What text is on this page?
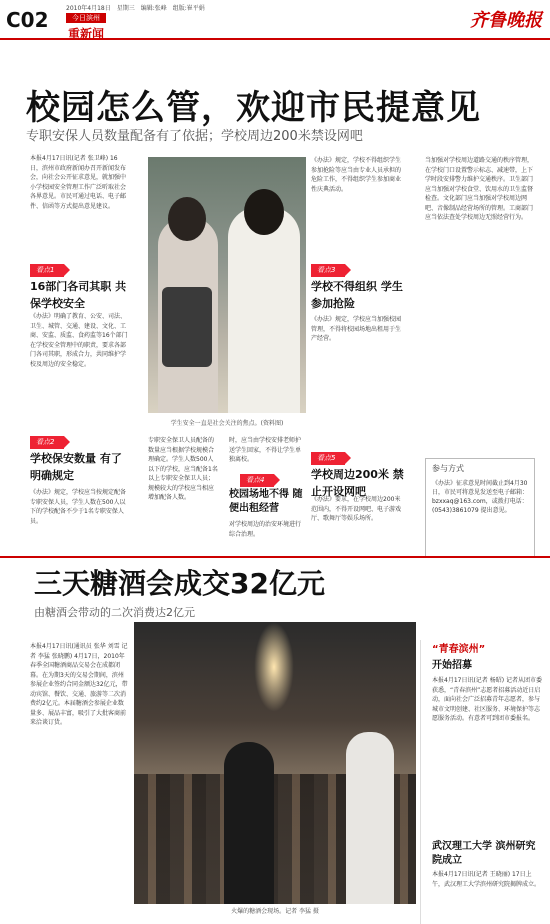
C02	2010年4月18日　星期三　编辑:张峰　组版:崔平娟
今日滨州
重新闻
齐鲁晚报
校园怎么管，欢迎市民提意见
专职安保人员数量配备有了依据；学校周边200米禁设网吧
本报4月17日讯(记者 张卫峰) 16日，滨州市政府新闻办召开新闻发布会，向社会公开征求意见，就加强中小学校园安全管理工作广泛听取社会各界意见。市民可通过电话、电子邮件、信函等方式提出意见建议。
看点1
16部门各司其职 共保学校安全
《办法》明确了教育、公安、司法、卫生、城管、交通、建设、文化、工商、安监、质监、食药监等16个部门在学校安全管理中的职责，要求各部门各司其职，形成合力，共同维护学校及周边的安全稳定。
看点2
学校保安数量 有了明确规定
《办法》规定，学校应当按规定配备专职安保人员，学生人数在500人以下的学校配备不少于1名专职安保人员。
学生安全一直是社会关注的焦点。(资料图)
专职安全保卫人员配备的数量应当根据学校规模合理确定。学生人数500人以下的学校，应当配备1名以上专职安全保卫人员；规模较大的学校应当相应增加配备人数。
时，应当由学校安排老师护送学生回家，不得让学生单独离校。
对学校周边的治安环境进行综合治理。
看点4
校园场地不得 随便出租经营
《办法》规定，学校不得组织学生参加抢险等应当由专业人员承担的危险工作，不得组织学生参加商业性庆典活动。
看点3
学校不得组织 学生参加抢险
《办法》规定，学校应当加强校园管理，不得将校园场地出租用于生产经营。
看点5
学校周边200米 禁止开设网吧
《办法》要求，在学校周边200米范围内，不得开设网吧、电子游戏厅、歌舞厅等娱乐场所。
当加强对学校周边道路交通的秩序管理，在学校门口设置警示标志、减速带，上下学时段安排警力维护交通秩序。卫生部门应当加强对学校食堂、饮用水的卫生监督检查。文化部门应当加强对学校周边网吧、音像制品经营场所的管理。工商部门应当依法查处学校周边无照经营行为。
参与方式
《办法》征求意见时间截止到4月30日，市民可将意见发送至电子邮箱：bzxxaq@163.com，或拨打电话：(0543)3861079 提出意见。
三天糖酒会成交32亿元
由糖酒会带动的二次消费达2亿元
本报4月17日讯(通讯员 张华 刘雪 记者 李猛 张晓鹏) 4月17日，2010年春季全国糖酒商品交易会在成都闭幕。在为期3天的交易会期间，滨州参展企业签约合同金额达32亿元，带动宾馆、餐饮、交通、旅游等二次消费约2亿元。本届糖酒会参展企业数量多、展品丰富，吸引了大批客商前来洽谈订货。
火爆的糖酒会现场。记者 李猛 摄
“青春滨州”
开始招募
本报4月17日讯(记者 杨昭) 记者从团市委获悉，“青春滨州”志愿者招募活动近日启动，面向社会广泛招募青年志愿者，参与城市文明创建、社区服务、环境保护等志愿服务活动。有意者可到团市委报名。
武汉理工大学 滨州研究院成立
本报4月17日讯(记者 王晓丽) 17日上午，武汉理工大学滨州研究院揭牌成立。
